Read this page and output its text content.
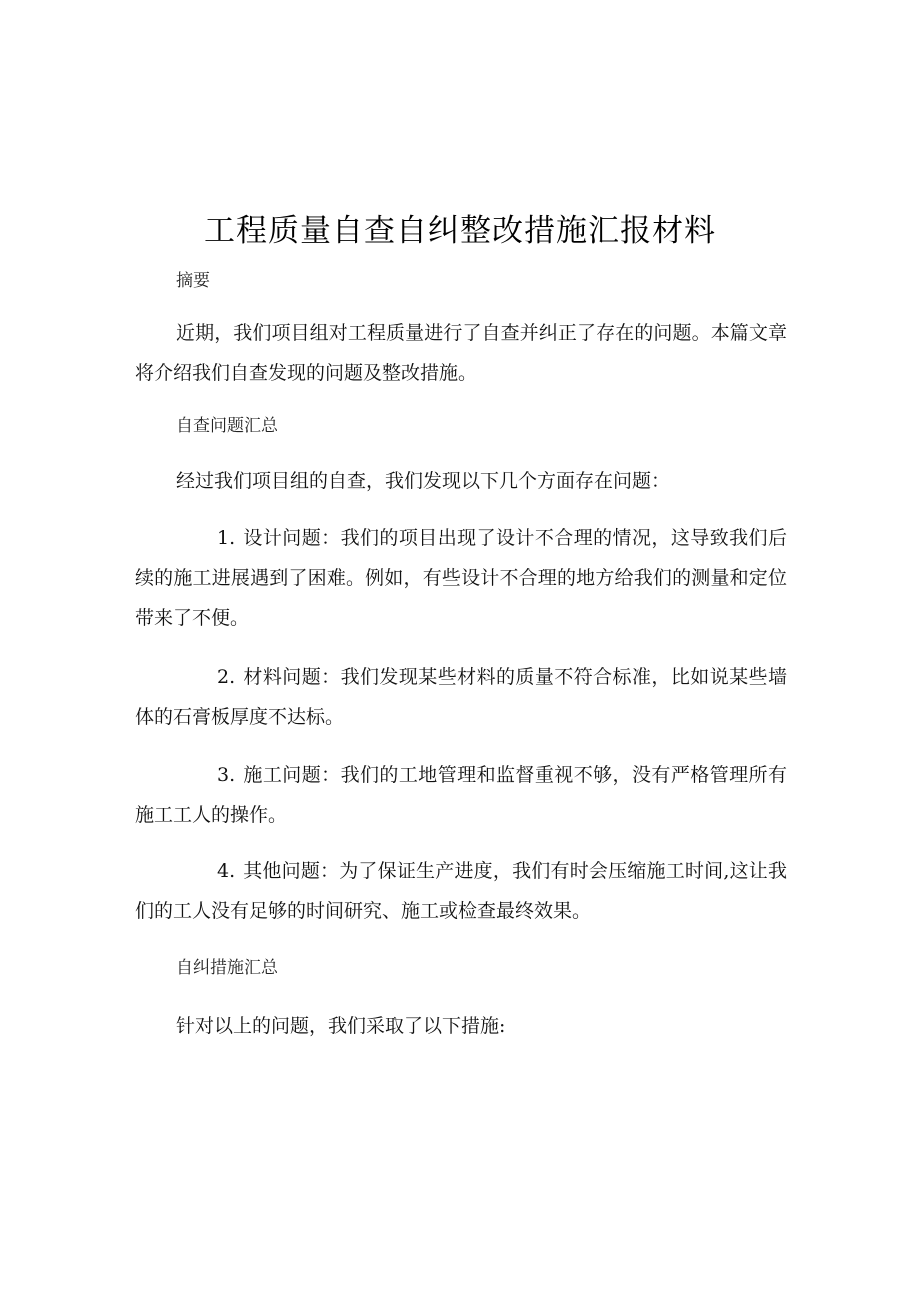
工程质量自查自纠整改措施汇报材料
摘要
近期，我们项目组对工程质量进行了自查并纠正了存在的问题。本篇文章将介绍我们自查发现的问题及整改措施。
自查问题汇总
经过我们项目组的自查，我们发现以下几个方面存在问题：
1. 设计问题：我们的项目出现了设计不合理的情况，这导致我们后续的施工进展遇到了困难。例如，有些设计不合理的地方给我们的测量和定位带来了不便。
2. 材料问题：我们发现某些材料的质量不符合标准，比如说某些墙体的石膏板厚度不达标。
3. 施工问题：我们的工地管理和监督重视不够，没有严格管理所有施工工人的操作。
4. 其他问题：为了保证生产进度，我们有时会压缩施工时间,这让我们的工人没有足够的时间研究、施工或检查最终效果。
自纠措施汇总
针对以上的问题，我们采取了以下措施:
